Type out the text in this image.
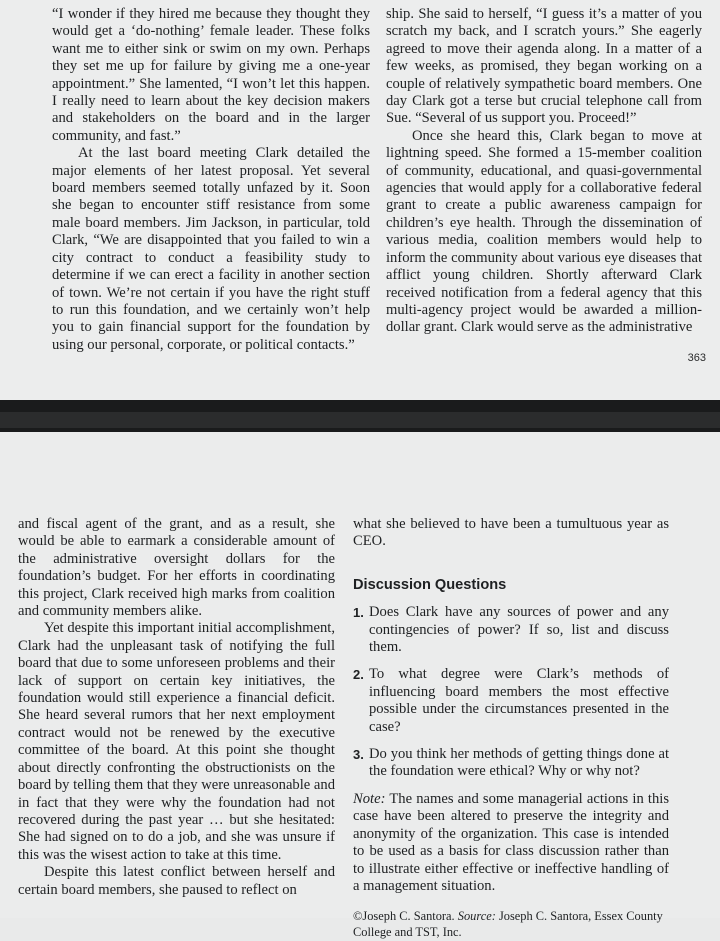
“I wonder if they hired me because they thought they would get a ‘do-nothing’ female leader. These folks want me to either sink or swim on my own. Perhaps they set me up for failure by giving me a one-year appointment.” She lamented, “I won’t let this happen. I really need to learn about the key decision makers and stakeholders on the board and in the larger community, and fast.”

At the last board meeting Clark detailed the major elements of her latest proposal. Yet several board members seemed totally unfazed by it. Soon she began to encounter stiff resistance from some male board members. Jim Jackson, in particular, told Clark, “We are disappointed that you failed to win a city contract to conduct a feasibility study to determine if we can erect a facility in another section of town. We’re not certain if you have the right stuff to run this foundation, and we certainly won’t help you to gain financial support for the foundation by using our personal, corporate, or political contacts.”

ship. She said to herself, “I guess it’s a matter of you scratch my back, and I scratch yours.” She eagerly agreed to move their agenda along. In a matter of a few weeks, as promised, they began working on a couple of relatively sympathetic board members. One day Clark got a terse but crucial telephone call from Sue. “Several of us support you. Proceed!”

Once she heard this, Clark began to move at lightning speed. She formed a 15-member coalition of community, educational, and quasi-governmental agencies that would apply for a collaborative federal grant to create a public awareness campaign for children’s eye health. Through the dissemination of various media, coalition members would help to inform the community about various eye diseases that afflict young children. Shortly afterward Clark received notification from a federal agency that this multi-agency project would be awarded a million-dollar grant. Clark would serve as the administrative

363

and fiscal agent of the grant, and as a result, she would be able to earmark a considerable amount of the administrative oversight dollars for the foundation’s budget. For her efforts in coordinating this project, Clark received high marks from coalition and community members alike.

Yet despite this important initial accomplishment, Clark had the unpleasant task of notifying the full board that due to some unforeseen problems and their lack of support on certain key initiatives, the foundation would still experience a financial deficit. She heard several rumors that her next employment contract would not be renewed by the executive committee of the board. At this point she thought about directly confronting the obstructionists on the board by telling them that they were unreasonable and in fact that they were why the foundation had not recovered during the past year … but she hesitated: She had signed on to do a job, and she was unsure if this was the wisest action to take at this time.

Despite this latest conflict between herself and certain board members, she paused to reflect on

what she believed to have been a tumultuous year as CEO.

Discussion Questions

1. Does Clark have any sources of power and any contingencies of power? If so, list and discuss them.
2. To what degree were Clark’s methods of influencing board members the most effective possible under the circumstances presented in the case?
3. Do you think her methods of getting things done at the foundation were ethical? Why or why not?

Note: The names and some managerial actions in this case have been altered to preserve the integrity and anonymity of the organization. This case is intended to be used as a basis for class discussion rather than to illustrate either effective or ineffective handling of a management situation.

©Joseph C. Santora. Source: Joseph C. Santora, Essex County College and TST, Inc.
